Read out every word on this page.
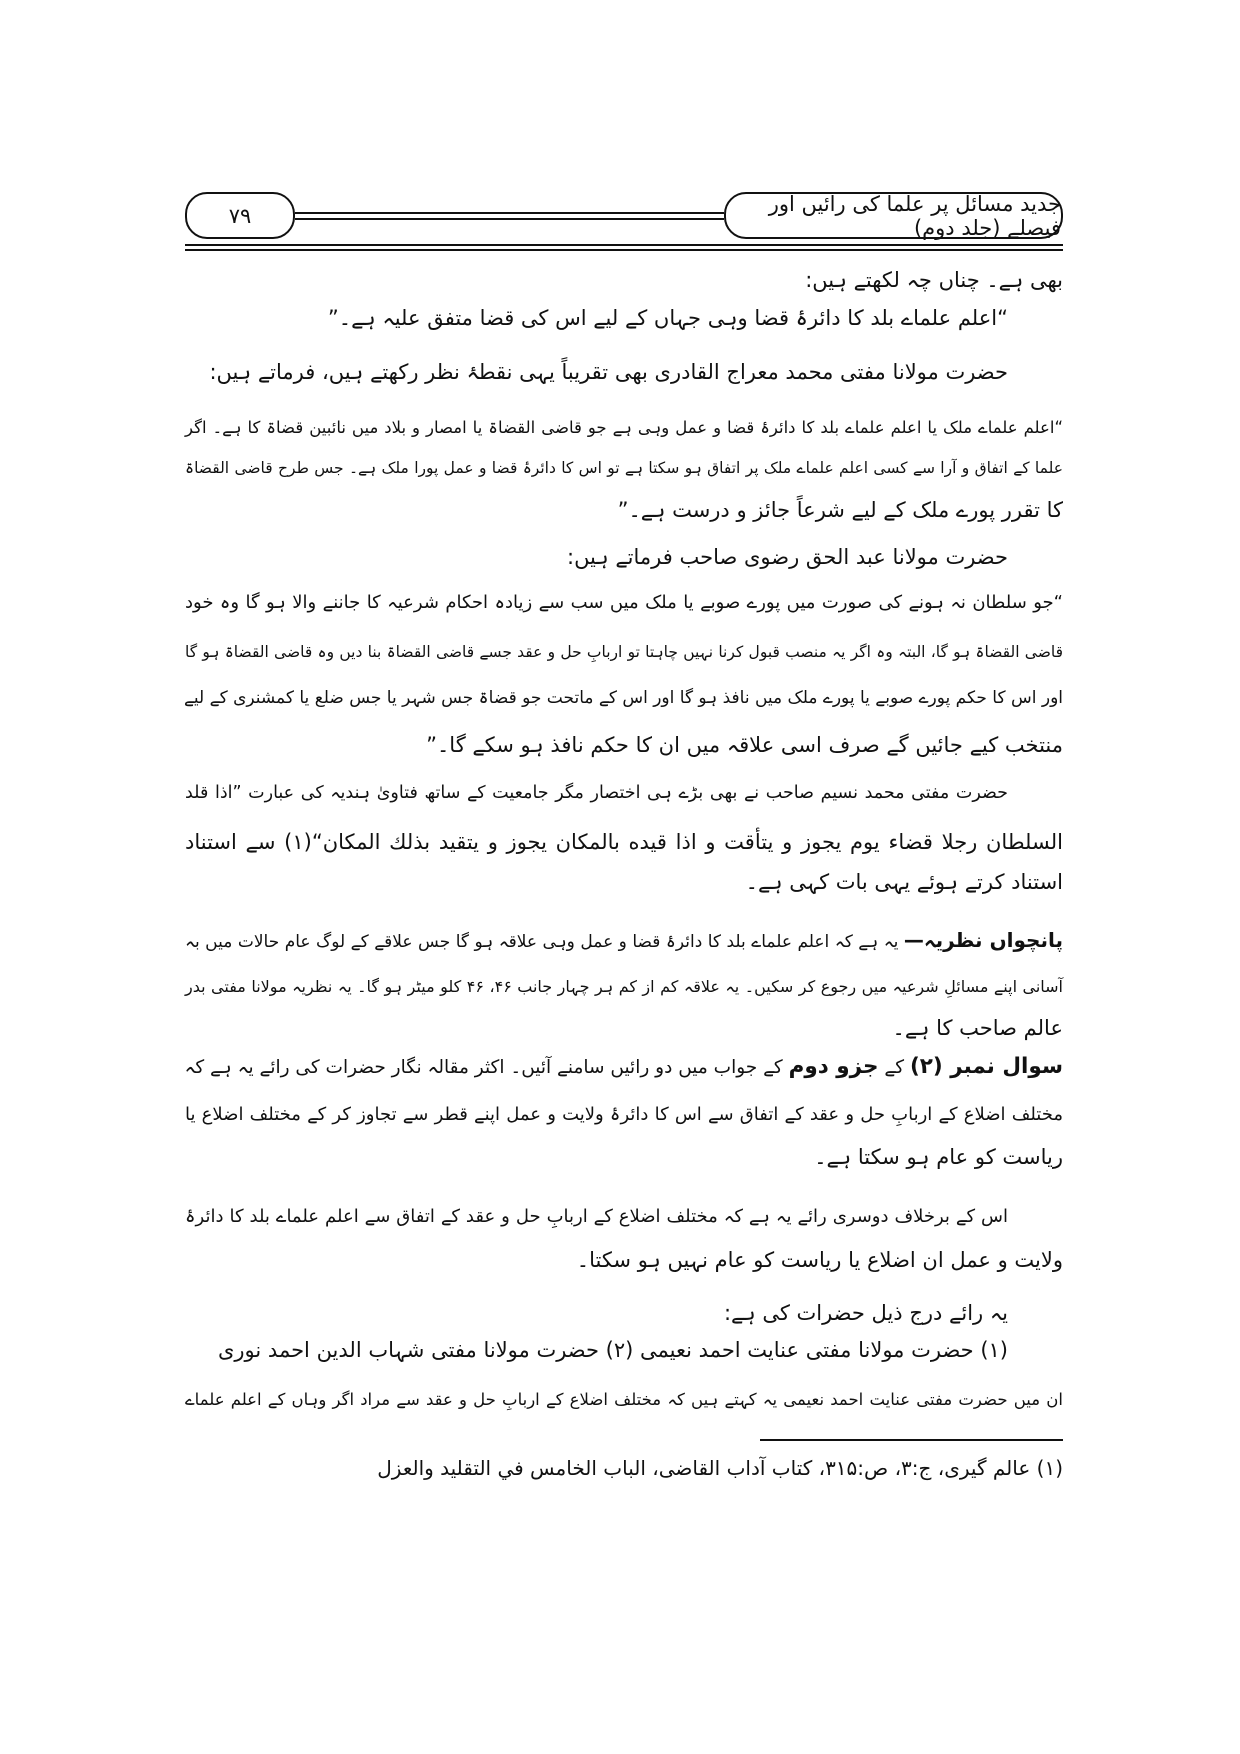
جدید مسائل پر علما کی رائیں اور فیصلے (جلد دوم)
۷۹
بھی ہے۔ چناں چہ لکھتے ہیں:
“اعلم علماے بلد کا دائرۂ قضا وہی جہاں کے لیے اس کی قضا متفق علیہ ہے۔”
حضرت مولانا مفتی محمد معراج القادری بھی تقریباً یہی نقطۂ نظر رکھتے ہیں، فرماتے ہیں:
“اعلم علماے ملک یا اعلم علماے بلد کا دائرۂ قضا و عمل وہی ہے جو قاضی القضاۃ یا امصار و بلاد میں نائبین قضاۃ کا ہے۔ اگر
علما کے اتفاق و آرا سے کسی اعلم علماے ملک پر اتفاق ہو سکتا ہے تو اس کا دائرۂ قضا و عمل پورا ملک ہے۔ جس طرح قاضی القضاۃ
کا تقرر پورے ملک کے لیے شرعاً جائز و درست ہے۔”
حضرت مولانا عبد الحق رضوی صاحب فرماتے ہیں:
“جو سلطان نہ ہونے کی صورت میں پورے صوبے یا ملک میں سب سے زیادہ احکام شرعیہ کا جاننے والا ہو گا وہ خود
قاضی القضاۃ ہو گا، البتہ وہ اگر یہ منصب قبول کرنا نہیں چاہتا تو اربابِ حل و عقد جسے قاضی القضاۃ بنا دیں وہ قاضی القضاۃ ہو گا
اور اس کا حکم پورے صوبے یا پورے ملک میں نافذ ہو گا اور اس کے ماتحت جو قضاۃ جس شہر یا جس ضلع یا کمشنری کے لیے
منتخب کیے جائیں گے صرف اسی علاقہ میں ان کا حکم نافذ ہو سکے گا۔”
حضرت مفتی محمد نسیم صاحب نے بھی بڑے ہی اختصار مگر جامعیت کے ساتھ فتاویٰ ہندیہ کی عبارت ”اذا قلد
السلطان رجلا قضاء یوم یجوز و یتأقت و اذا قیده بالمكان یجوز و یتقید بذلك المكان“(۱) سے استناد
استناد کرتے ہوئے یہی بات کہی ہے۔
پانچواں نظریہ— یہ ہے کہ اعلم علماے بلد کا دائرۂ قضا و عمل وہی علاقہ ہو گا جس علاقے کے لوگ عام حالات میں بہ
آسانی اپنے مسائلِ شرعیہ میں رجوع کر سکیں۔ یہ علاقہ کم از کم ہر چہار جانب ۴۶، ۴۶ کلو میٹر ہو گا۔ یہ نظریہ مولانا مفتی بدر
عالم صاحب کا ہے۔
سوال نمبر (۲) کے جزو دوم کے جواب میں دو رائیں سامنے آئیں۔ اکثر مقالہ نگار حضرات کی رائے یہ ہے کہ
مختلف اضلاع کے اربابِ حل و عقد کے اتفاق سے اس کا دائرۂ ولایت و عمل اپنے قطر سے تجاوز کر کے مختلف اضلاع یا
ریاست کو عام ہو سکتا ہے۔
اس کے برخلاف دوسری رائے یہ ہے کہ مختلف اضلاع کے اربابِ حل و عقد کے اتفاق سے اعلم علماے بلد کا دائرۂ
ولایت و عمل ان اضلاع یا ریاست کو عام نہیں ہو سکتا۔
یہ رائے درج ذیل حضرات کی ہے:
(۱) حضرت مولانا مفتی عنایت احمد نعیمی (۲) حضرت مولانا مفتی شہاب الدین احمد نوری
ان میں حضرت مفتی عنایت احمد نعیمی یہ کہتے ہیں کہ مختلف اضلاع کے اربابِ حل و عقد سے مراد اگر وہاں کے اعلم علماے
(۱) عالم گیری، ج:۳، ص:۳۱۵، کتاب آداب القاضی، الباب الخامس في التقليد والعزل
